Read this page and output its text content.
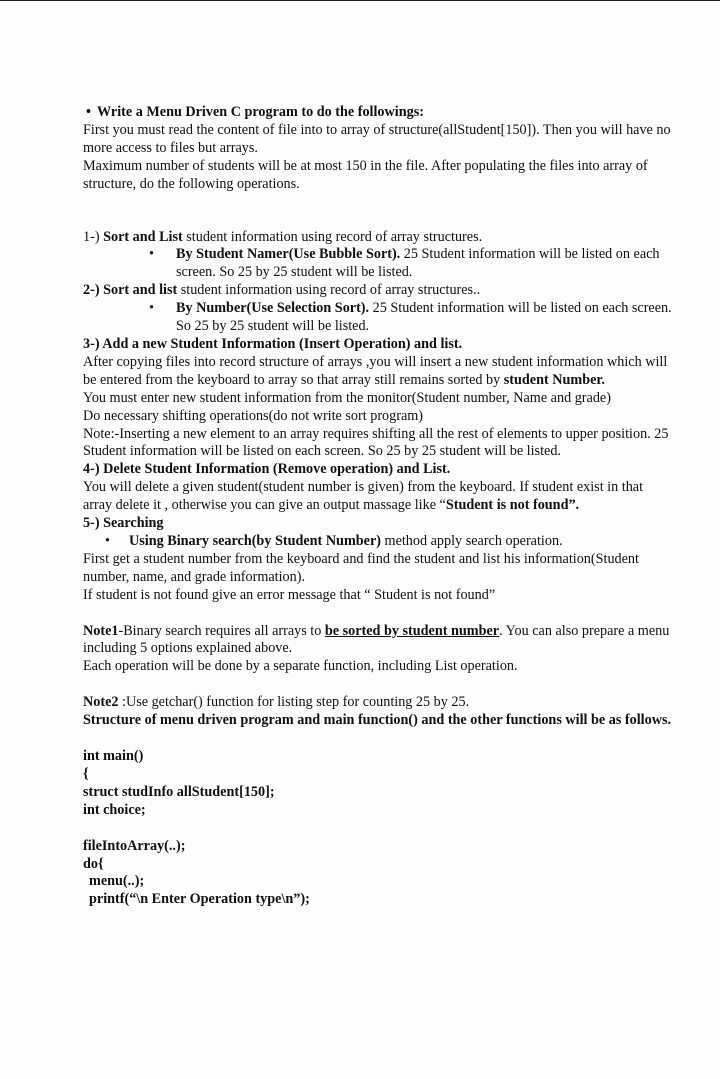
• Write a Menu Driven C program to do the followings:

First you must read the content of file into to array of structure(allStudent[150]). Then you will have no more access to files but arrays.

Maximum number of students will be at most 150 in the file. After populating the files into array of structure, do the following operations.

1-) Sort and List student information using record of array structures.

• By Student Namer(Use Bubble Sort). 25 Student information will be listed on each screen. So 25 by 25 student will be listed.

2-) Sort and list student information using record of array structures..

• By Number(Use Selection Sort). 25 Student information will be listed on each screen. So 25 by 25 student will be listed.

3-) Add a new Student Information (Insert Operation) and list.

After copying files into record structure of arrays ,you will insert a new student information which will be entered from the keyboard to array so that array still remains sorted by student Number.

You must enter new student information from the monitor(Student number, Name and grade)

Do necessary shifting operations(do not write sort program)

Note:-Inserting a new element to an array requires shifting all the rest of elements to upper position. 25 Student information will be listed on each screen. So 25 by 25 student will be listed.

4-) Delete Student Information (Remove operation) and List.

You will delete a given student(student number is given) from the keyboard. If student exist in that array delete it , otherwise you can give an output massage like “Student is not found”.

5-) Searching

• Using Binary search(by Student Number) method apply search operation.

First get a student number from the keyboard and find the student and list his information(Student number, name, and grade information).

If student is not found give an error message that “ Student is not found”

Note1-Binary search requires all arrays to be sorted by student number. You can also prepare a menu including 5 options explained above.

Each operation will be done by a separate function, including List operation.

Note2 :Use getchar() function for listing step for counting 25 by 25.

Structure of menu driven program and main function() and the other functions will be as follows.

int main()

{

struct studInfo allStudent[150];

int choice;

fileIntoArray(..);

do{

menu(..);

printf(“\n Enter Operation type\n”);
